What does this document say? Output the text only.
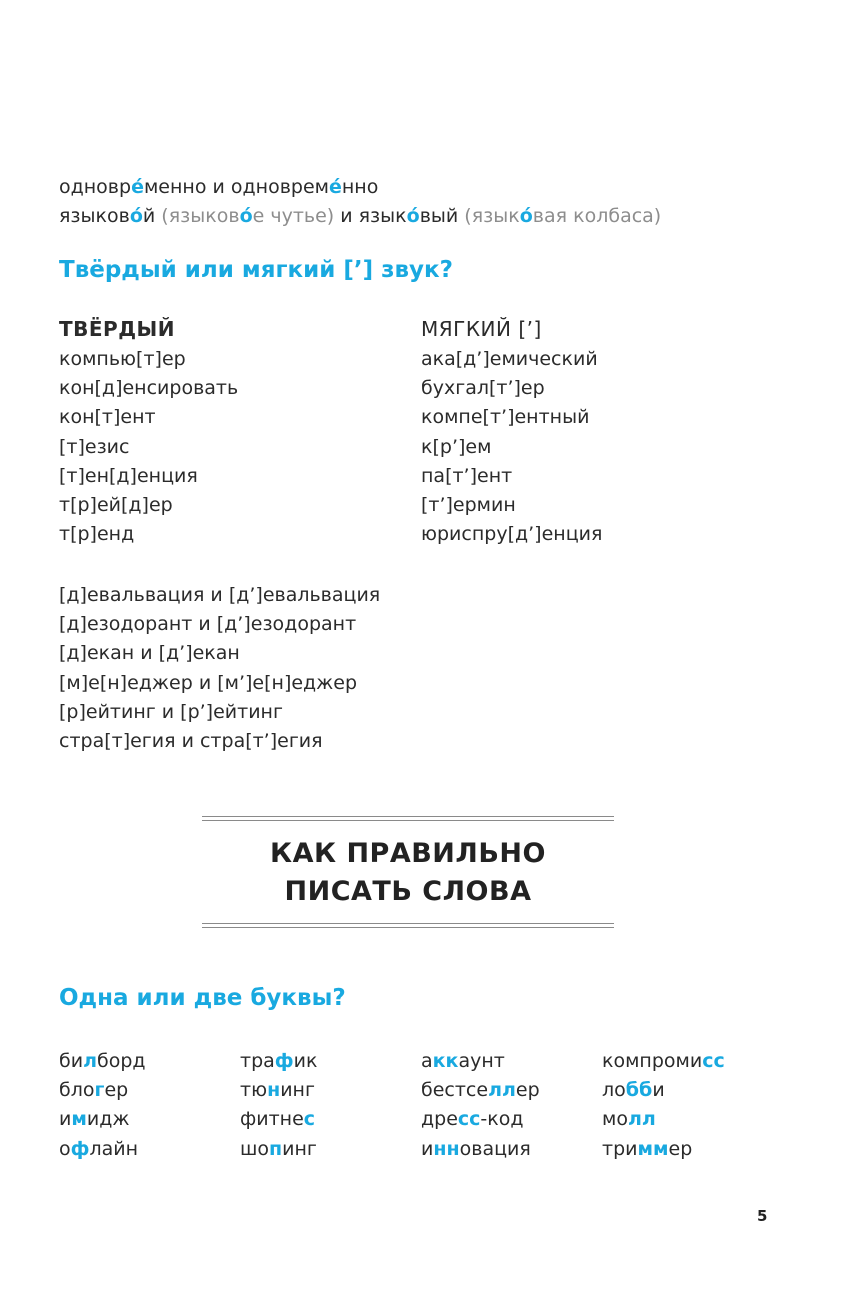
одноврéменно и одновремéнно
языковóй (языковóе чутье) и языкóвый (языкóвая колбаса)
Твёрдый или мягкий [’] звук?
ТВЁРДЫЙ
компью[т]ер
кон[д]енсировать
кон[т]ент
[т]езис
[т]ен[д]енция
т[р]ей[д]ер
т[р]енд
МЯГКИЙ [’]
ака[д’]емический
бухгал[т’]ер
компе[т’]ентный
к[р’]ем
па[т’]ент
[т’]ермин
юриспру[д’]енция
[д]евальвация и [д’]евальвация
[д]езодорант и [д’]езодорант
[д]екан и [д’]екан
[м]е[н]еджер и [м’]е[н]еджер
[р]ейтинг и [р’]ейтинг
стра[т]егия и стра[т’]егия
КАК ПРАВИЛЬНО
ПИСАТЬ СЛОВА
Одна или две буквы?
билборд
блогер
имидж
офлайн
трафик
тюнинг
фитнес
шопинг
аккаунт
бестселлер
дресс-код
инновация
компромисс
лобби
молл
триммер
5
